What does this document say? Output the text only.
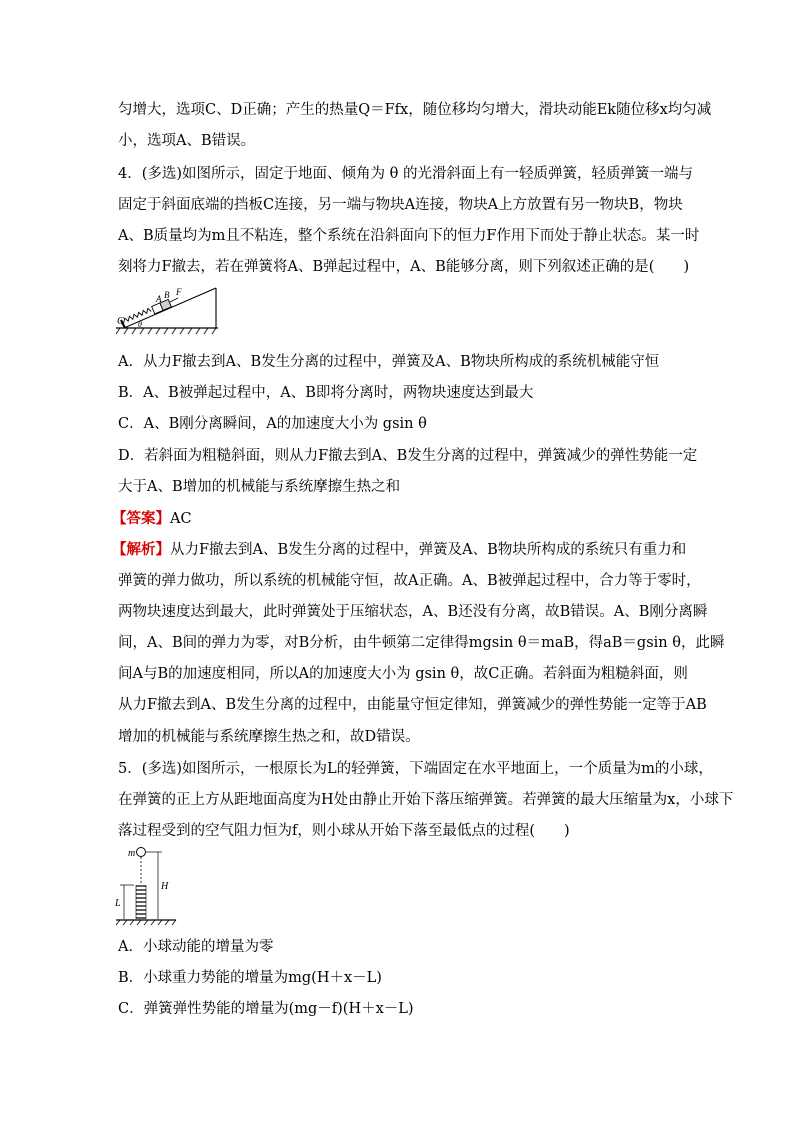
匀增大，选项C、D正确；产生的热量Q＝Ffx，随位移均匀增大，滑块动能Ek随位移x均匀减
小，选项A、B错误。
4．(多选)如图所示，固定于地面、倾角为 θ 的光滑斜面上有一轻质弹簧，轻质弹簧一端与
固定于斜面底端的挡板C连接，另一端与物块A连接，物块A上方放置有另一物块B，物块
A、B质量均为m且不粘连，整个系统在沿斜面向下的恒力F作用下而处于静止状态。某一时
刻将力F撤去，若在弹簧将A、B弹起过程中，A、B能够分离，则下列叙述正确的是(　　)
C
A B F
θ
A．从力F撤去到A、B发生分离的过程中，弹簧及A、B物块所构成的系统机械能守恒
B．A、B被弹起过程中，A、B即将分离时，两物块速度达到最大
C．A、B刚分离瞬间，A的加速度大小为 gsin θ
D．若斜面为粗糙斜面，则从力F撤去到A、B发生分离的过程中，弹簧减少的弹性势能一定
大于A、B增加的机械能与系统摩擦生热之和
【答案】AC
【解析】从力F撤去到A、B发生分离的过程中，弹簧及A、B物块所构成的系统只有重力和
弹簧的弹力做功，所以系统的机械能守恒，故A正确。A、B被弹起过程中，合力等于零时，
两物块速度达到最大，此时弹簧处于压缩状态，A、B还没有分离，故B错误。A、B刚分离瞬
间，A、B间的弹力为零，对B分析，由牛顿第二定律得mgsin θ＝maB，得aB＝gsin θ，此瞬
间A与B的加速度相同，所以A的加速度大小为 gsin θ，故C正确。若斜面为粗糙斜面，则
从力F撤去到A、B发生分离的过程中，由能量守恒定律知，弹簧减少的弹性势能一定等于AB
增加的机械能与系统摩擦生热之和，故D错误。
5．(多选)如图所示，一根原长为L的轻弹簧，下端固定在水平地面上，一个质量为m的小球，
在弹簧的正上方从距地面高度为H处由静止开始下落压缩弹簧。若弹簧的最大压缩量为x，小球下
落过程受到的空气阻力恒为f，则小球从开始下落至最低点的过程(　　)
m
H
L
A．小球动能的增量为零
B．小球重力势能的增量为mg(H＋x－L)
C．弹簧弹性势能的增量为(mg－f)(H＋x－L)
